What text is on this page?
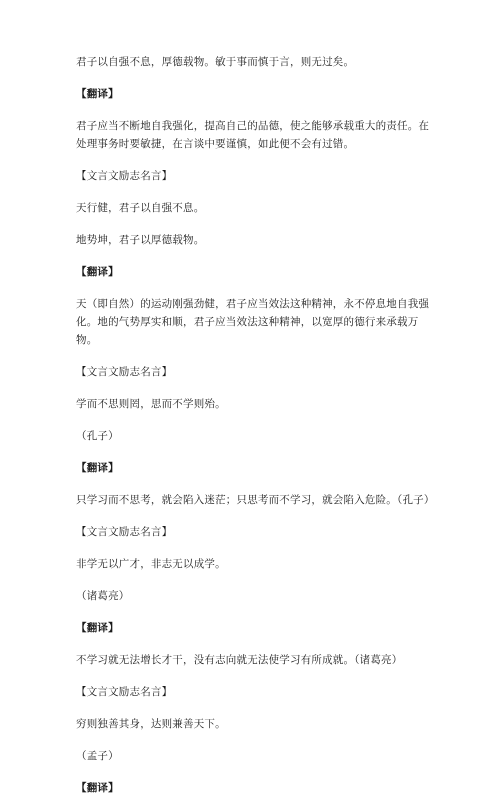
君子以自强不息，厚德载物。敏于事而慎于言，则无过矣。

【翻译】

君子应当不断地自我强化，提高自己的品德，使之能够承载重大的责任。在处理事务时要敏捷，在言谈中要谨慎，如此便不会有过错。

【文言文励志名言】

天行健，君子以自强不息。

地势坤，君子以厚德载物。

【翻译】

天（即自然）的运动刚强劲健，君子应当效法这种精神，永不停息地自我强化。地的气势厚实和顺，君子应当效法这种精神，以宽厚的德行来承载万物。

【文言文励志名言】

学而不思则罔，思而不学则殆。

（孔子）

【翻译】

只学习而不思考，就会陷入迷茫；只思考而不学习，就会陷入危险。（孔子）

【文言文励志名言】

非学无以广才，非志无以成学。

（诸葛亮）

【翻译】

不学习就无法增长才干，没有志向就无法使学习有所成就。（诸葛亮）

【文言文励志名言】

穷则独善其身，达则兼善天下。

（孟子）

【翻译】
